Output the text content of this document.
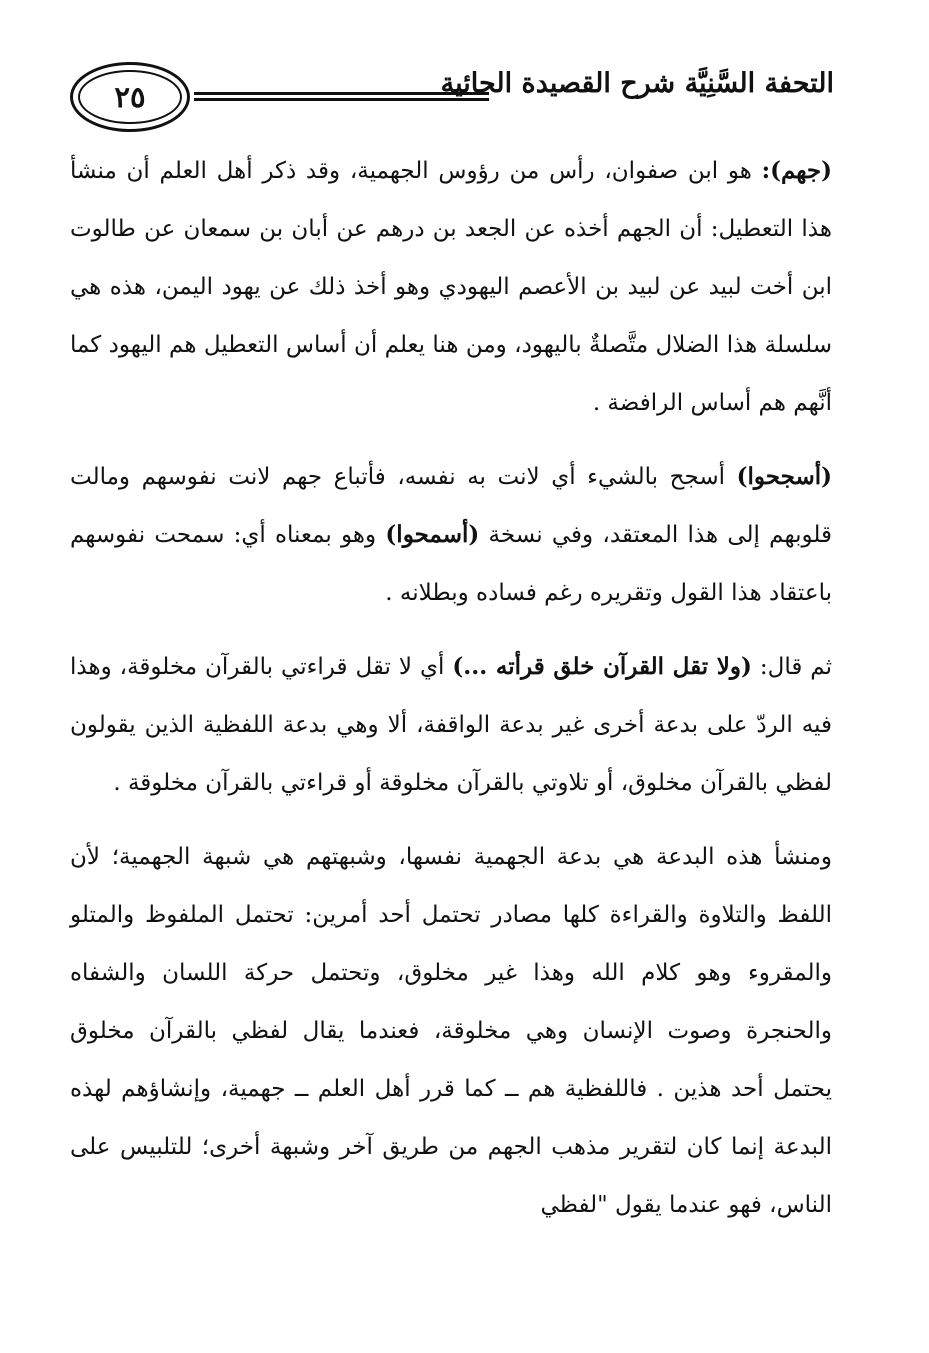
التحفة السَّنِيَّة شرح القصيدة الحائية
٢٥

(جهم): هو ابن صفوان، رأس من رؤوس الجهمية، وقد ذكر أهل العلم أن منشأ هذا التعطيل: أن الجهم أخذه عن الجعد بن درهم عن أبان بن سمعان عن طالوت ابن أخت لبيد عن لبيد بن الأعصم اليهودي وهو أخذ ذلك عن يهود اليمن، هذه هي سلسلة هذا الضلال متَّصلةٌ باليهود، ومن هنا يعلم أن أساس التعطيل هم اليهود كما أنَّهم هم أساس الرافضة .

(أسجحوا) أسجح بالشيء أي لانت به نفسه، فأتباع جهم لانت نفوسهم ومالت قلوبهم إلى هذا المعتقد، وفي نسخة (أسمحوا) وهو بمعناه أي: سمحت نفوسهم باعتقاد هذا القول وتقريره رغم فساده وبطلانه .

ثم قال: (ولا تقل القرآن خلق قرأته ...) أي لا تقل قراءتي بالقرآن مخلوقة، وهذا فيه الردّ على بدعة أخرى غير بدعة الواقفة، ألا وهي بدعة اللفظية الذين يقولون لفظي بالقرآن مخلوق، أو تلاوتي بالقرآن مخلوقة أو قراءتي بالقرآن مخلوقة .

ومنشأ هذه البدعة هي بدعة الجهمية نفسها، وشبهتهم هي شبهة الجهمية؛ لأن اللفظ والتلاوة والقراءة كلها مصادر تحتمل أحد أمرين: تحتمل الملفوظ والمتلو والمقروء وهو كلام الله وهذا غير مخلوق، وتحتمل حركة اللسان والشفاه والحنجرة وصوت الإنسان وهي مخلوقة، فعندما يقال لفظي بالقرآن مخلوق يحتمل أحد هذين . فاللفظية هم ــ كما قرر أهل العلم ــ جهمية، وإنشاؤهم لهذه البدعة إنما كان لتقرير مذهب الجهم من طريق آخر وشبهة أخرى؛ للتلبيس على الناس، فهو عندما يقول "لفظي
